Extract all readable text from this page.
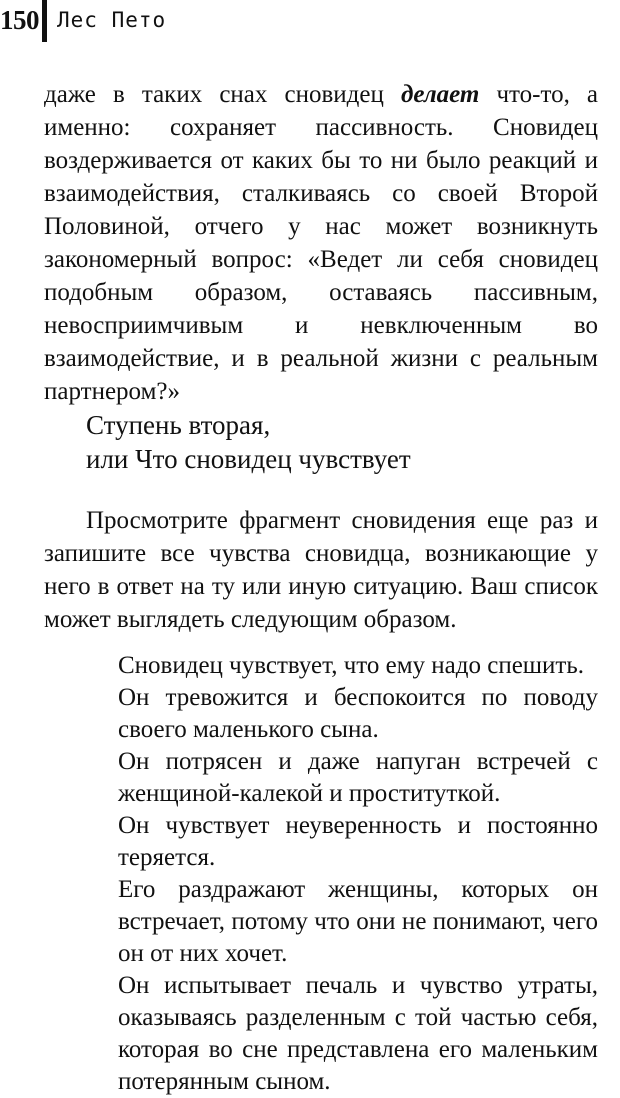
150 Лес Пето

даже в таких снах сновидец делает что-то, а именно: сохраняет пассивность. Сновидец воздерживается от каких бы то ни было реакций и взаимодействия, сталкиваясь со своей Второй Половиной, отчего у нас может возникнуть закономерный вопрос: «Ведет ли себя сновидец подобным образом, оставаясь пассивным, невосприимчивым и невключенным во взаимодействие, и в реальной жизни с реальным партнером?»

Ступень вторая,
или Что сновидец чувствует

Просмотрите фрагмент сновидения еще раз и запишите все чувства сновидца, возникающие у него в ответ на ту или иную ситуацию. Ваш список может выглядеть следующим образом.

Сновидец чувствует, что ему надо спешить.

Он тревожится и беспокоится по поводу своего маленького сына.

Он потрясен и даже напуган встречей с женщиной-калекой и проституткой.

Он чувствует неуверенность и постоянно теряется.

Его раздражают женщины, которых он встречает, потому что они не понимают, чего он от них хочет.

Он испытывает печаль и чувство утраты, оказываясь разделенным с той частью себя, которая во сне представлена его маленьким потерянным сыном.
